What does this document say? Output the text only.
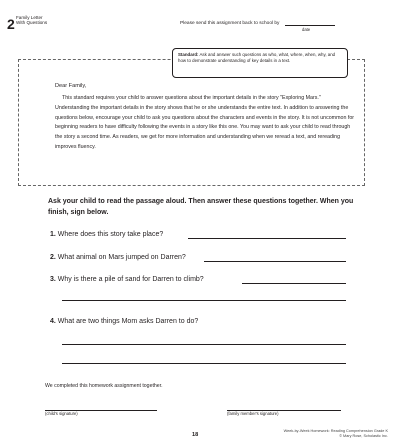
2 Family Letter
With Questions	Please send this assignment back to school by
date
Standard: Ask and answer such questions as who, what, where, when, why, and how to demonstrate understanding of key details in a text.
Dear Family,

This standard requires your child to answer questions about the important details in the story "Exploring Mars." Understanding the important details in the story shows that he or she understands the entire text. In addition to answering the questions below, encourage your child to ask you questions about the characters and events in the story. It is not uncommon for beginning readers to have difficulty following the events in a story like this one. You may want to ask your child to read through the story a second time. As readers, we get for more information and understanding when we reread a text, and rereading improves fluency.

Ask your child to read the passage aloud. Then answer these questions together. When you finish, sign below.

1. Where does this story take place?
2. What animal on Mars jumped on Darren?
3. Why is there a pile of sand for Darren to climb?
4. What are two things Mom asks Darren to do?
We completed this homework assignment together.
(child's signature)	(family member's signature)
18
Week-by-Week Homework: Reading Comprehension Grade K
© Mary Rose, Scholastic Inc.
